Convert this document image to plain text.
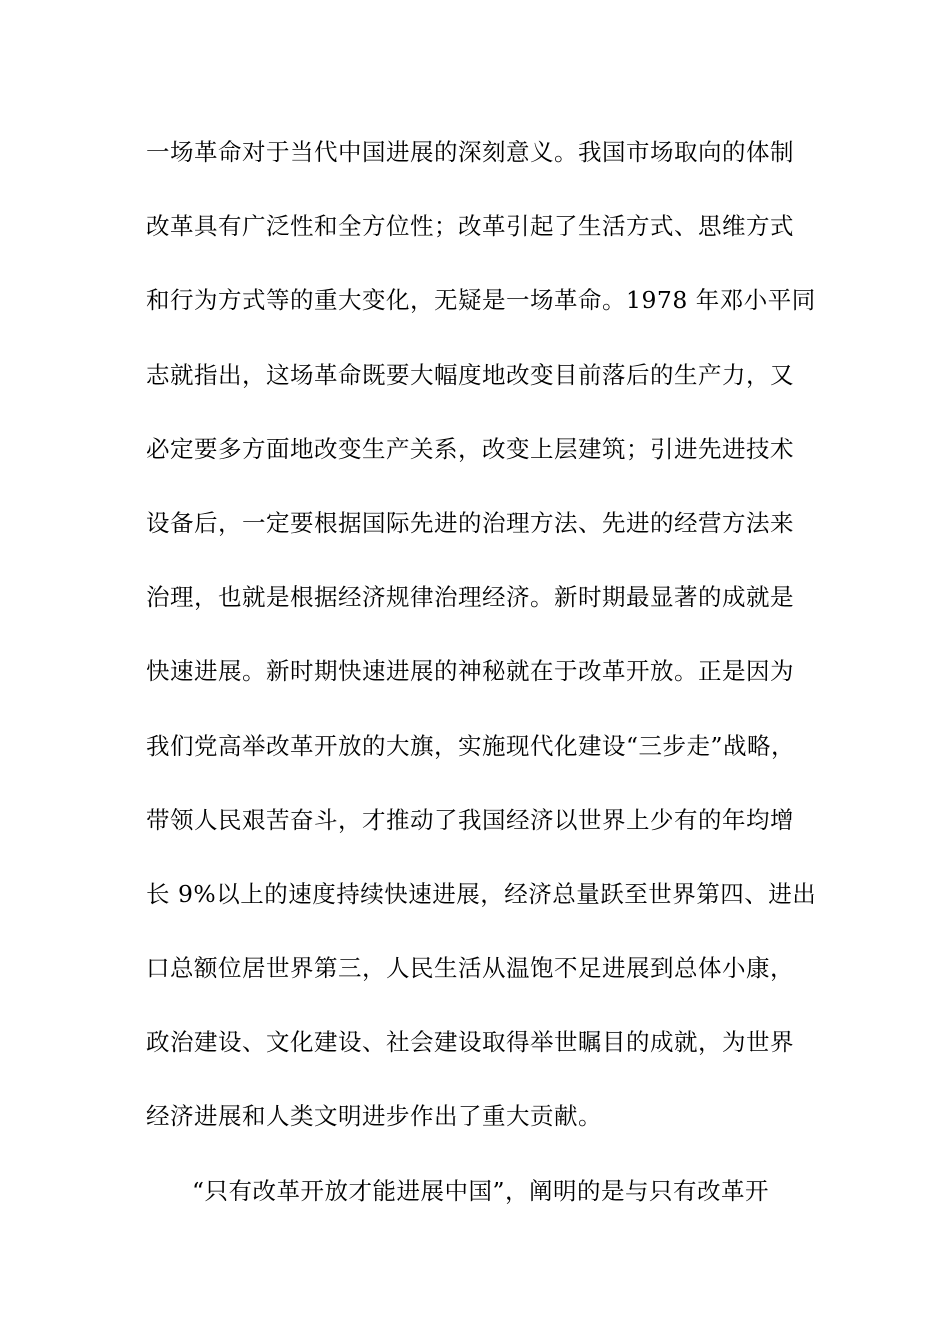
一场革命对于当代中国进展的深刻意义。我国市场取向的体制
改革具有广泛性和全方位性；改革引起了生活方式、思维方式
和行为方式等的重大变化，无疑是一场革命。1978 年邓小平同
志就指出，这场革命既要大幅度地改变目前落后的生产力，又
必定要多方面地改变生产关系，改变上层建筑；引进先进技术
设备后，一定要根据国际先进的治理方法、先进的经营方法来
治理，也就是根据经济规律治理经济。新时期最显著的成就是
快速进展。新时期快速进展的神秘就在于改革开放。正是因为
我们党高举改革开放的大旗，实施现代化建设“三步走”战略，
带领人民艰苦奋斗，才推动了我国经济以世界上少有的年均增
长 9%以上的速度持续快速进展，经济总量跃至世界第四、进出
口总额位居世界第三，人民生活从温饱不足进展到总体小康，
政治建设、文化建设、社会建设取得举世瞩目的成就，为世界
经济进展和人类文明进步作出了重大贡献。
“只有改革开放才能进展中国”，阐明的是与只有改革开
